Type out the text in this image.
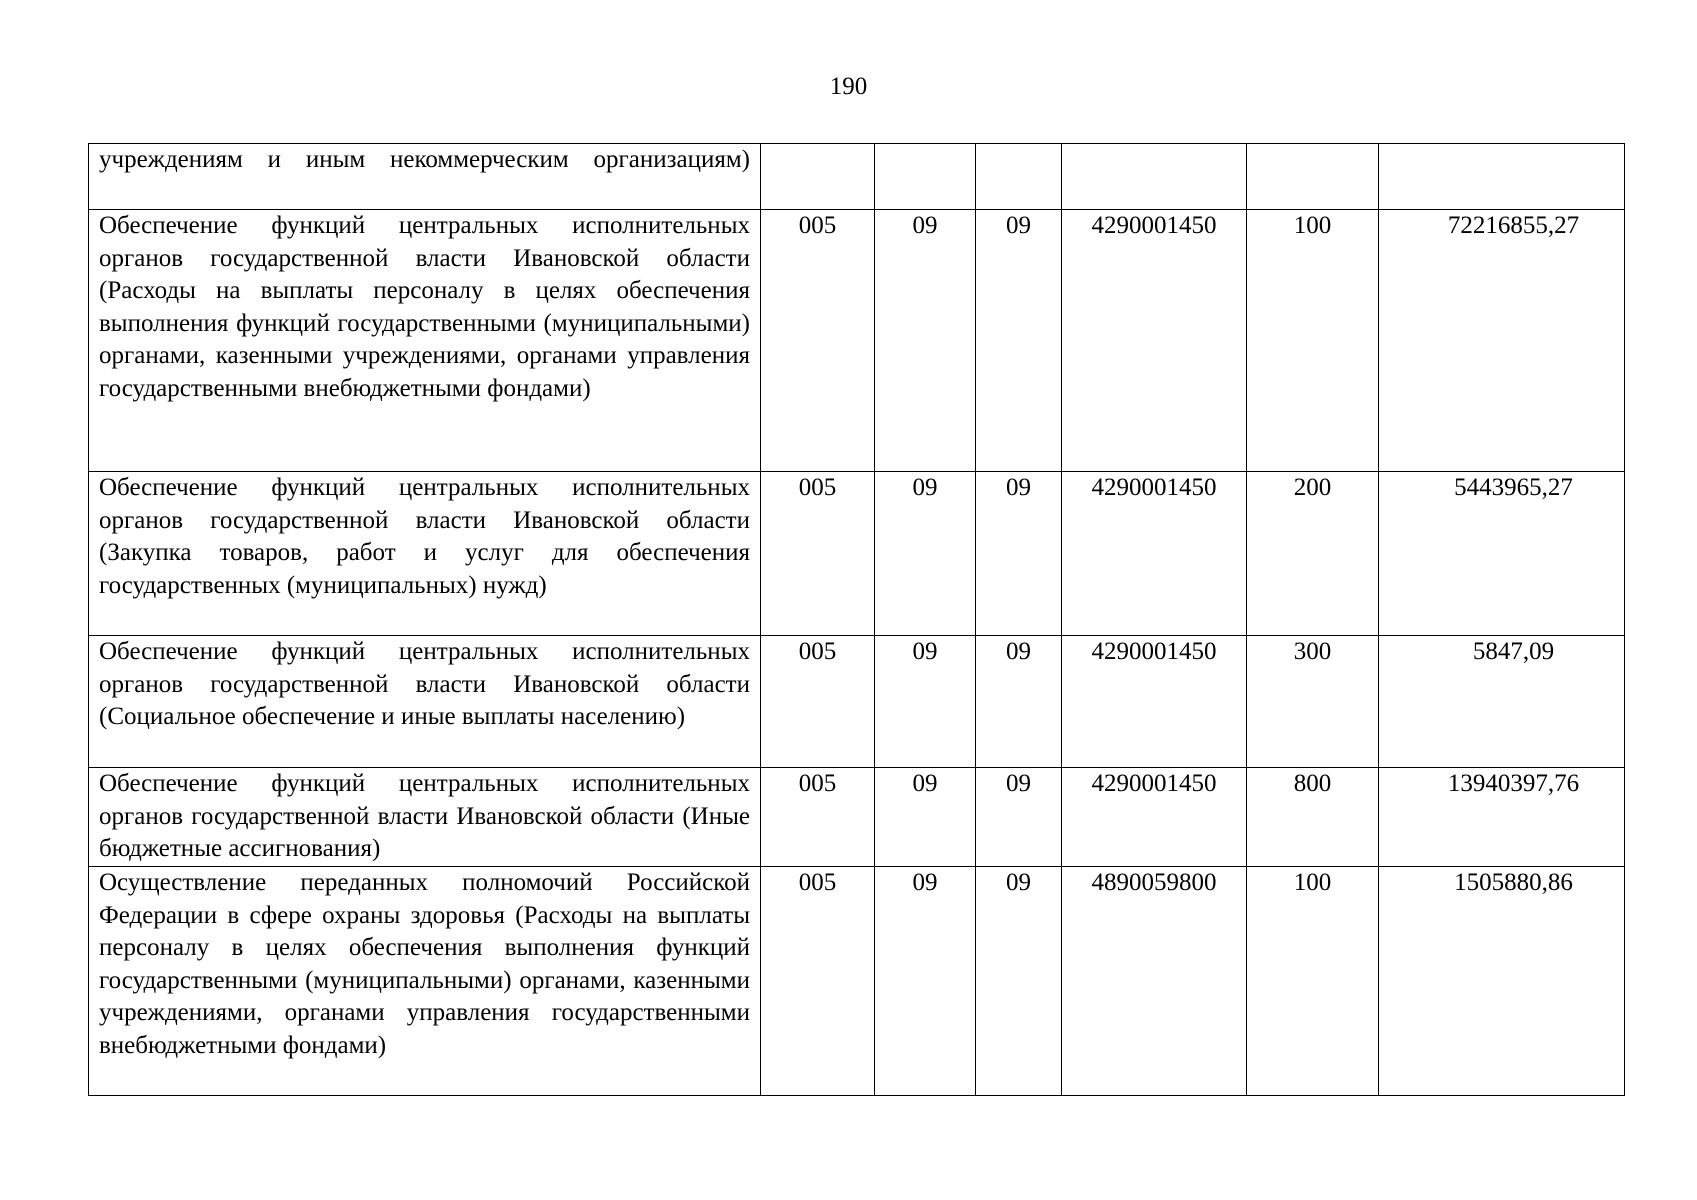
190
учреждениям и иным некоммерческим организациям)						
Обеспечение функций центральных исполнительных органов государственной власти Ивановской области (Расходы на выплаты персоналу в целях обеспечения выполнения функций государственными (муниципальными) органами, казенными учреждениями, органами управления государственными внебюджетными фондами)	005	09	09	4290001450	100	72216855,27
Обеспечение функций центральных исполнительных органов государственной власти Ивановской области (Закупка товаров, работ и услуг для обеспечения государственных (муниципальных) нужд)	005	09	09	4290001450	200	5443965,27
Обеспечение функций центральных исполнительных органов государственной власти Ивановской области (Социальное обеспечение и иные выплаты населению)	005	09	09	4290001450	300	5847,09
Обеспечение функций центральных исполнительных органов государственной власти Ивановской области (Иные бюджетные ассигнования)	005	09	09	4290001450	800	13940397,76
Осуществление переданных полномочий Российской Федерации в сфере охраны здоровья (Расходы на выплаты персоналу в целях обеспечения выполнения функций государственными (муниципальными) органами, казенными учреждениями, органами управления государственными внебюджетными фондами)	005	09	09	4890059800	100	1505880,86
